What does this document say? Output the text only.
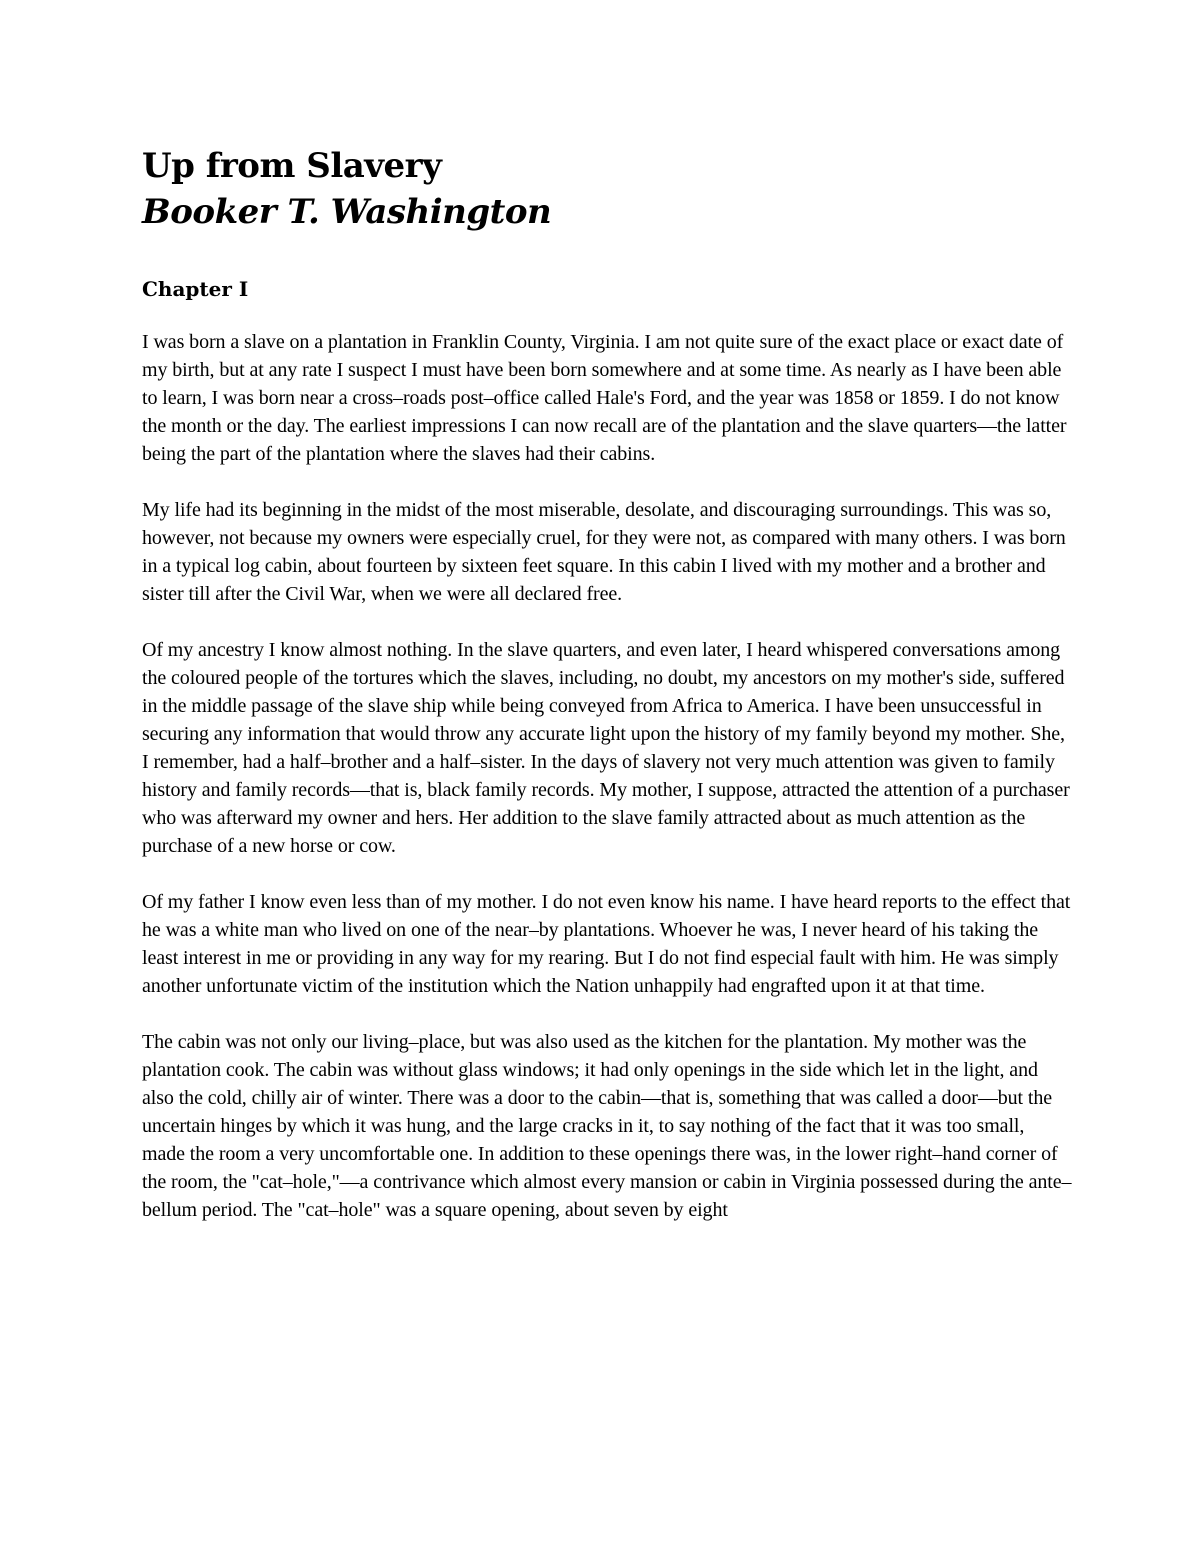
Up from Slavery
Booker T. Washington
Chapter I

I was born a slave on a plantation in Franklin County, Virginia. I am not quite sure of the exact place or exact date of my birth, but at any rate I suspect I must have been born somewhere and at some time. As nearly as I have been able to learn, I was born near a cross–roads post–office called Hale's Ford, and the year was 1858 or 1859. I do not know the month or the day. The earliest impressions I can now recall are of the plantation and the slave quarters—the latter being the part of the plantation where the slaves had their cabins.

My life had its beginning in the midst of the most miserable, desolate, and discouraging surroundings. This was so, however, not because my owners were especially cruel, for they were not, as compared with many others. I was born in a typical log cabin, about fourteen by sixteen feet square. In this cabin I lived with my mother and a brother and sister till after the Civil War, when we were all declared free.

Of my ancestry I know almost nothing. In the slave quarters, and even later, I heard whispered conversations among the coloured people of the tortures which the slaves, including, no doubt, my ancestors on my mother's side, suffered in the middle passage of the slave ship while being conveyed from Africa to America. I have been unsuccessful in securing any information that would throw any accurate light upon the history of my family beyond my mother. She, I remember, had a half–brother and a half–sister. In the days of slavery not very much attention was given to family history and family records—that is, black family records. My mother, I suppose, attracted the attention of a purchaser who was afterward my owner and hers. Her addition to the slave family attracted about as much attention as the purchase of a new horse or cow.

Of my father I know even less than of my mother. I do not even know his name. I have heard reports to the effect that he was a white man who lived on one of the near–by plantations. Whoever he was, I never heard of his taking the least interest in me or providing in any way for my rearing. But I do not find especial fault with him. He was simply another unfortunate victim of the institution which the Nation unhappily had engrafted upon it at that time.

The cabin was not only our living–place, but was also used as the kitchen for the plantation. My mother was the plantation cook. The cabin was without glass windows; it had only openings in the side which let in the light, and also the cold, chilly air of winter. There was a door to the cabin—that is, something that was called a door—but the uncertain hinges by which it was hung, and the large cracks in it, to say nothing of the fact that it was too small, made the room a very uncomfortable one. In addition to these openings there was, in the lower right–hand corner of the room, the "cat–hole,"—a contrivance which almost every mansion or cabin in Virginia possessed during the ante–bellum period. The "cat–hole" was a square opening, about seven by eight
